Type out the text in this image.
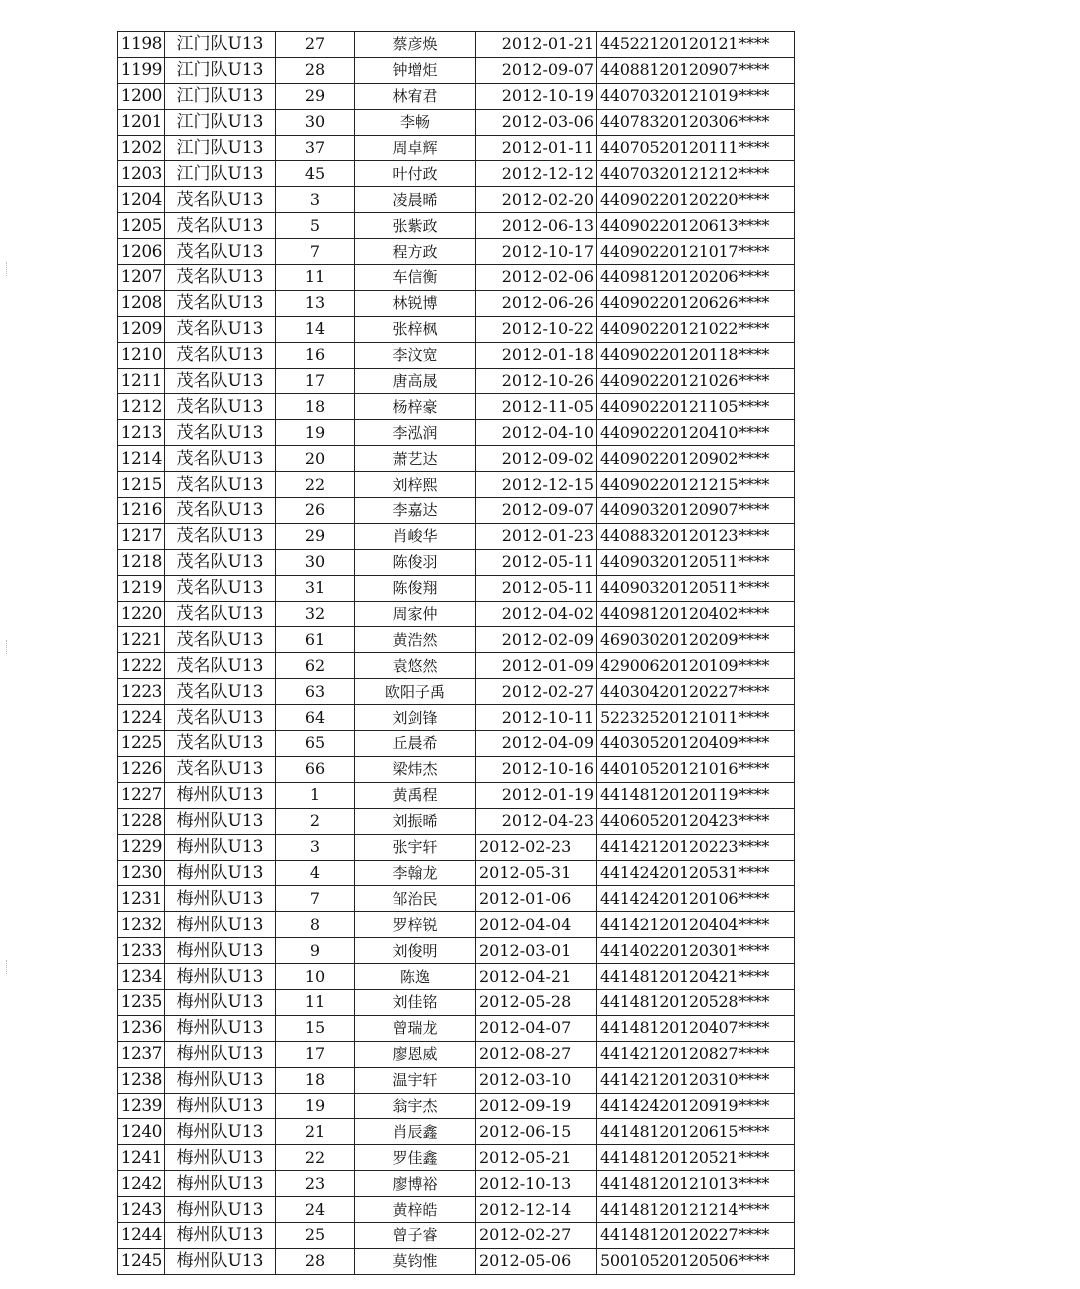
1198	江门队U13	27	蔡彦焕	2012-01-21	44522120120121****
1199	江门队U13	28	钟增炬	2012-09-07	44088120120907****
1200	江门队U13	29	林宥君	2012-10-19	44070320121019****
1201	江门队U13	30	李畅	2012-03-06	44078320120306****
1202	江门队U13	37	周卓辉	2012-01-11	44070520120111****
1203	江门队U13	45	叶付政	2012-12-12	44070320121212****
1204	茂名队U13	3	凌晨晞	2012-02-20	44090220120220****
1205	茂名队U13	5	张紫政	2012-06-13	44090220120613****
1206	茂名队U13	7	程方政	2012-10-17	44090220121017****
1207	茂名队U13	11	车信衡	2012-02-06	44098120120206****
1208	茂名队U13	13	林锐博	2012-06-26	44090220120626****
1209	茂名队U13	14	张梓枫	2012-10-22	44090220121022****
1210	茂名队U13	16	李汶宽	2012-01-18	44090220120118****
1211	茂名队U13	17	唐高晟	2012-10-26	44090220121026****
1212	茂名队U13	18	杨梓豪	2012-11-05	44090220121105****
1213	茂名队U13	19	李泓润	2012-04-10	44090220120410****
1214	茂名队U13	20	萧艺达	2012-09-02	44090220120902****
1215	茂名队U13	22	刘梓熙	2012-12-15	44090220121215****
1216	茂名队U13	26	李嘉达	2012-09-07	44090320120907****
1217	茂名队U13	29	肖峻华	2012-01-23	44088320120123****
1218	茂名队U13	30	陈俊羽	2012-05-11	44090320120511****
1219	茂名队U13	31	陈俊翔	2012-05-11	44090320120511****
1220	茂名队U13	32	周家仲	2012-04-02	44098120120402****
1221	茂名队U13	61	黄浩然	2012-02-09	46903020120209****
1222	茂名队U13	62	袁悠然	2012-01-09	42900620120109****
1223	茂名队U13	63	欧阳子禹	2012-02-27	44030420120227****
1224	茂名队U13	64	刘剑锋	2012-10-11	52232520121011****
1225	茂名队U13	65	丘晨希	2012-04-09	44030520120409****
1226	茂名队U13	66	梁炜杰	2012-10-16	44010520121016****
1227	梅州队U13	1	黄禹程	2012-01-19	44148120120119****
1228	梅州队U13	2	刘振晞	2012-04-23	44060520120423****
1229	梅州队U13	3	张宇轩	2012-02-23	44142120120223****
1230	梅州队U13	4	李翰龙	2012-05-31	44142420120531****
1231	梅州队U13	7	邹治民	2012-01-06	44142420120106****
1232	梅州队U13	8	罗梓锐	2012-04-04	44142120120404****
1233	梅州队U13	9	刘俊明	2012-03-01	44140220120301****
1234	梅州队U13	10	陈逸	2012-04-21	44148120120421****
1235	梅州队U13	11	刘佳铭	2012-05-28	44148120120528****
1236	梅州队U13	15	曾瑞龙	2012-04-07	44148120120407****
1237	梅州队U13	17	廖恩威	2012-08-27	44142120120827****
1238	梅州队U13	18	温宇轩	2012-03-10	44142120120310****
1239	梅州队U13	19	翁宇杰	2012-09-19	44142420120919****
1240	梅州队U13	21	肖辰鑫	2012-06-15	44148120120615****
1241	梅州队U13	22	罗佳鑫	2012-05-21	44148120120521****
1242	梅州队U13	23	廖博裕	2012-10-13	44148120121013****
1243	梅州队U13	24	黄梓皓	2012-12-14	44148120121214****
1244	梅州队U13	25	曾子睿	2012-02-27	44148120120227****
1245	梅州队U13	28	莫钧惟	2012-05-06	50010520120506****
